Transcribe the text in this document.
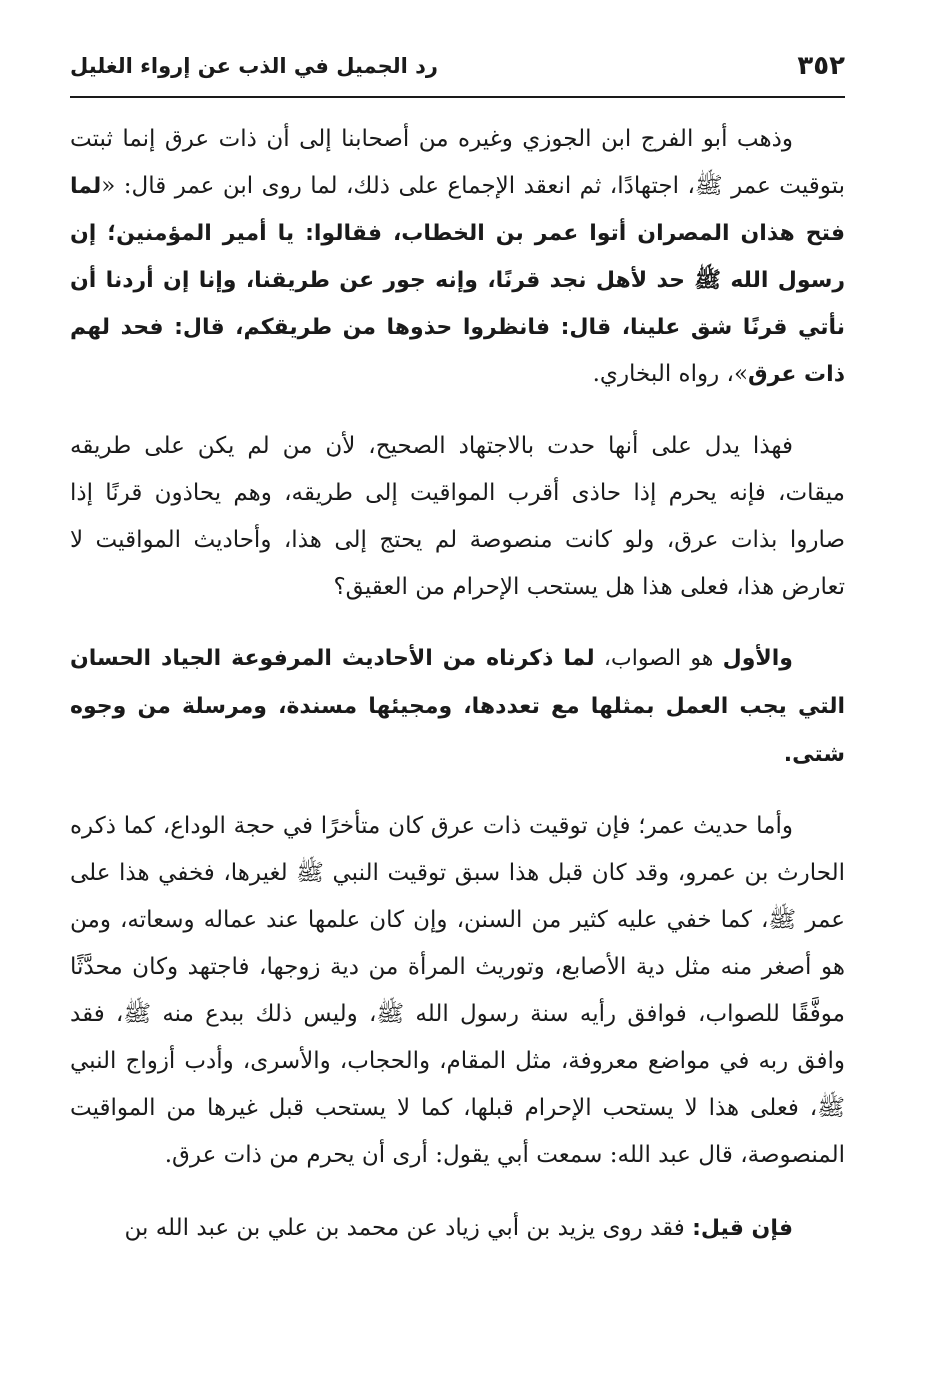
٣٥٢
رد الجميل في الذب عن إرواء الغليل

وذهب أبو الفرج ابن الجوزي وغيره من أصحابنا إلى أن ذات عرق إنما ثبتت بتوقيت عمر ﷺ، اجتهادًا، ثم انعقد الإجماع على ذلك، لما روى ابن عمر قال: «لما فتح هذان المصران أتوا عمر بن الخطاب، فقالوا: يا أمير المؤمنين؛ إن رسول الله ﷺ حد لأهل نجد قرنًا، وإنه جور عن طريقنا، وإنا إن أردنا أن نأتي قرنًا شق علينا، قال: فانظروا حذوها من طريقكم، قال: فحد لهم ذات عرق»، رواه البخاري.

فهذا يدل على أنها حدت بالاجتهاد الصحيح، لأن من لم يكن على طريقه ميقات، فإنه يحرم إذا حاذى أقرب المواقيت إلى طريقه، وهم يحاذون قرنًا إذا صاروا بذات عرق، ولو كانت منصوصة لم يحتج إلى هذا، وأحاديث المواقيت لا تعارض هذا، فعلى هذا هل يستحب الإحرام من العقيق؟

والأول هو الصواب، لما ذكرناه من الأحاديث المرفوعة الجياد الحسان التي يجب العمل بمثلها مع تعددها، ومجيئها مسندة، ومرسلة من وجوه شتى.

وأما حديث عمر؛ فإن توقيت ذات عرق كان متأخرًا في حجة الوداع، كما ذكره الحارث بن عمرو، وقد كان قبل هذا سبق توقيت النبي ﷺ لغيرها، فخفي هذا على عمر ﷺ، كما خفي عليه كثير من السنن، وإن كان علمها عند عماله وسعاته، ومن هو أصغر منه مثل دية الأصابع، وتوريث المرأة من دية زوجها، فاجتهد وكان محدَّثًا موفَّقًا للصواب، فوافق رأيه سنة رسول الله ﷺ، وليس ذلك ببدع منه ﷺ، فقد وافق ربه في مواضع معروفة، مثل المقام، والحجاب، والأسرى، وأدب أزواج النبي ﷺ، فعلى هذا لا يستحب الإحرام قبلها، كما لا يستحب قبل غيرها من المواقيت المنصوصة، قال عبد الله: سمعت أبي يقول: أرى أن يحرم من ذات عرق.

فإن قيل: فقد روى يزيد بن أبي زياد عن محمد بن علي بن عبد الله بن
